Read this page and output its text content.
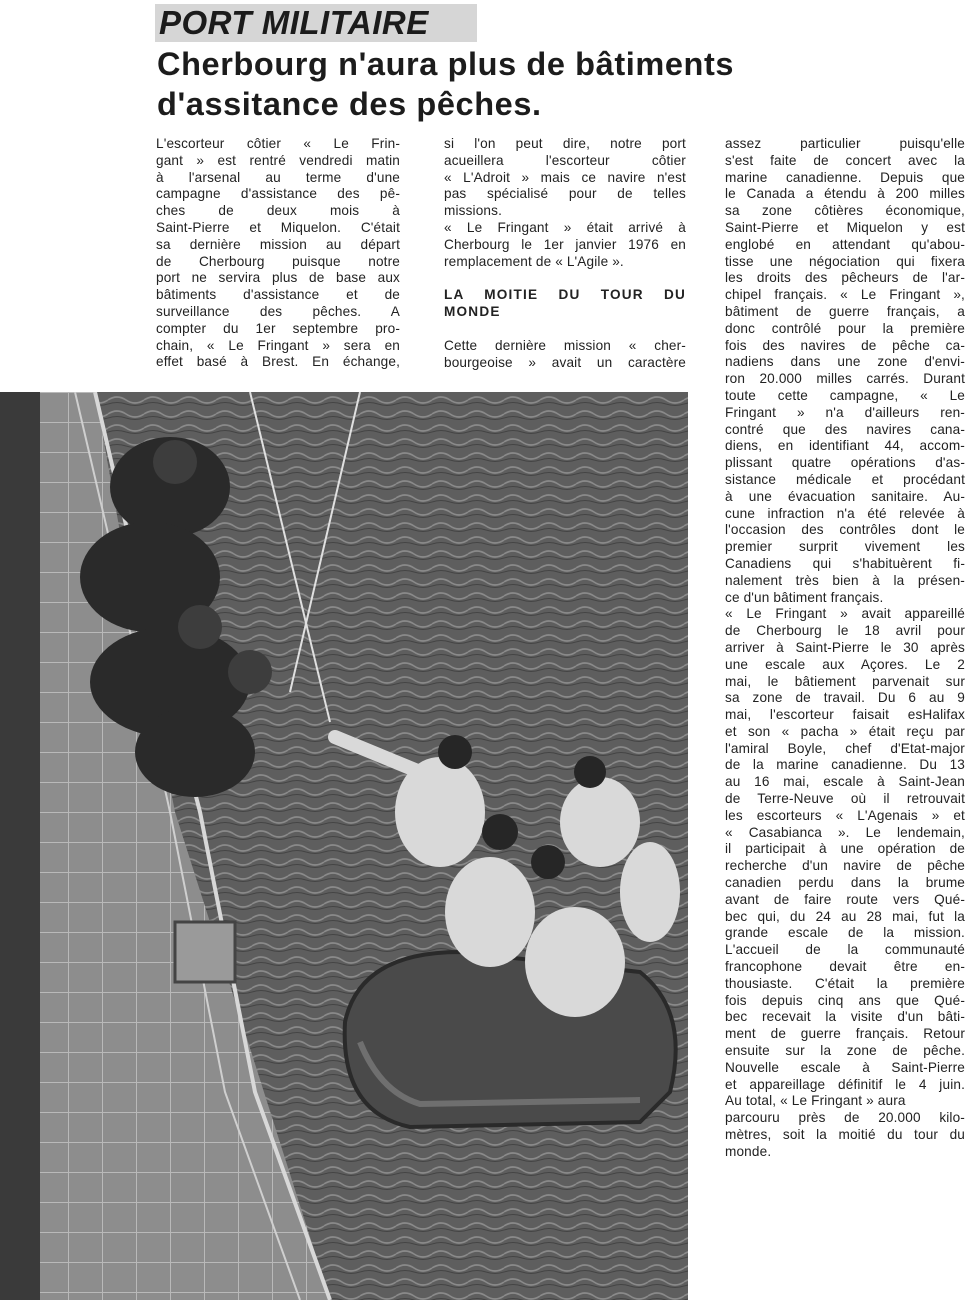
PORT MILITAIRE
Cherbourg n'aura plus de bâtiments
d'assitance des pêches.
L'escorteur côtier « Le Frin-
gant » est rentré vendredi matin
à l'arsenal au terme d'une
campagne d'assistance des pê-
ches de deux mois à
Saint-Pierre et Miquelon. C'était
sa dernière mission au départ
de Cherbourg puisque notre
port ne servira plus de base aux
bâtiments d'assistance et de
surveillance des pêches. A
compter du 1er septembre pro-
chain, « Le Fringant » sera en
effet basé à Brest. En échange,
si l'on peut dire, notre port
acueillera l'escorteur côtier
« L'Adroit » mais ce navire n'est
pas spécialisé pour de telles
missions.
« Le Fringant » était arrivé à
Cherbourg le 1er janvier 1976 en
remplacement de « L'Agile ».
LA MOITIE DU TOUR DU
MONDE
Cette dernière mission « cher-
bourgeoise » avait un caractère
assez particulier puisqu'elle
s'est faite de concert avec la
marine canadienne. Depuis que
le Canada a étendu à 200 milles
sa zone côtières économique,
Saint-Pierre et Miquelon y est
englobé en attendant qu'abou-
tisse une négociation qui fixera
les droits des pêcheurs de l'ar-
chipel français. « Le Fringant »,
bâtiment de guerre français, a
donc contrôlé pour la première
fois des navires de pêche ca-
nadiens dans une zone d'envi-
ron 20.000 milles carrés. Durant
toute cette campagne, « Le
Fringant » n'a d'ailleurs ren-
contré que des navires cana-
diens, en identifiant 44, accom-
plissant quatre opérations d'as-
sistance médicale et procédant
à une évacuation sanitaire. Au-
cune infraction n'a été relevée à
l'occasion des contrôles dont le
premier surprit vivement les
Canadiens qui s'habituèrent fi-
nalement très bien à la présen-
ce d'un bâtiment français.
« Le Fringant » avait appareillé
de Cherbourg le 18 avril pour
arriver à Saint-Pierre le 30 après
une escale aux Açores. Le 2
mai, le bâtiement parvenait sur
sa zone de travail. Du 6 au 9
mai, l'escorteur faisait esHalifax
et son « pacha » était reçu par
l'amiral Boyle, chef d'Etat-major
de la marine canadienne. Du 13
au 16 mai, escale à Saint-Jean
de Terre-Neuve où il retrouvait
les escorteurs « L'Agenais » et
« Casabianca ». Le lendemain,
il participait à une opération de
recherche d'un navire de pêche
canadien perdu dans la brume
avant de faire route vers Qué-
bec qui, du 24 au 28 mai, fut la
grande escale de la mission.
L'accueil de la communauté
francophone devait être en-
thousiaste. C'était la première
fois depuis cinq ans que Qué-
bec recevait la visite d'un bâti-
ment de guerre français. Retour
ensuite sur la zone de pêche.
Nouvelle escale à Saint-Pierre
et appareillage définitif le 4 juin.
Au total, « Le Fringant » aura
parcouru près de 20.000 kilo-
mètres, soit la moitié du tour du
monde.
